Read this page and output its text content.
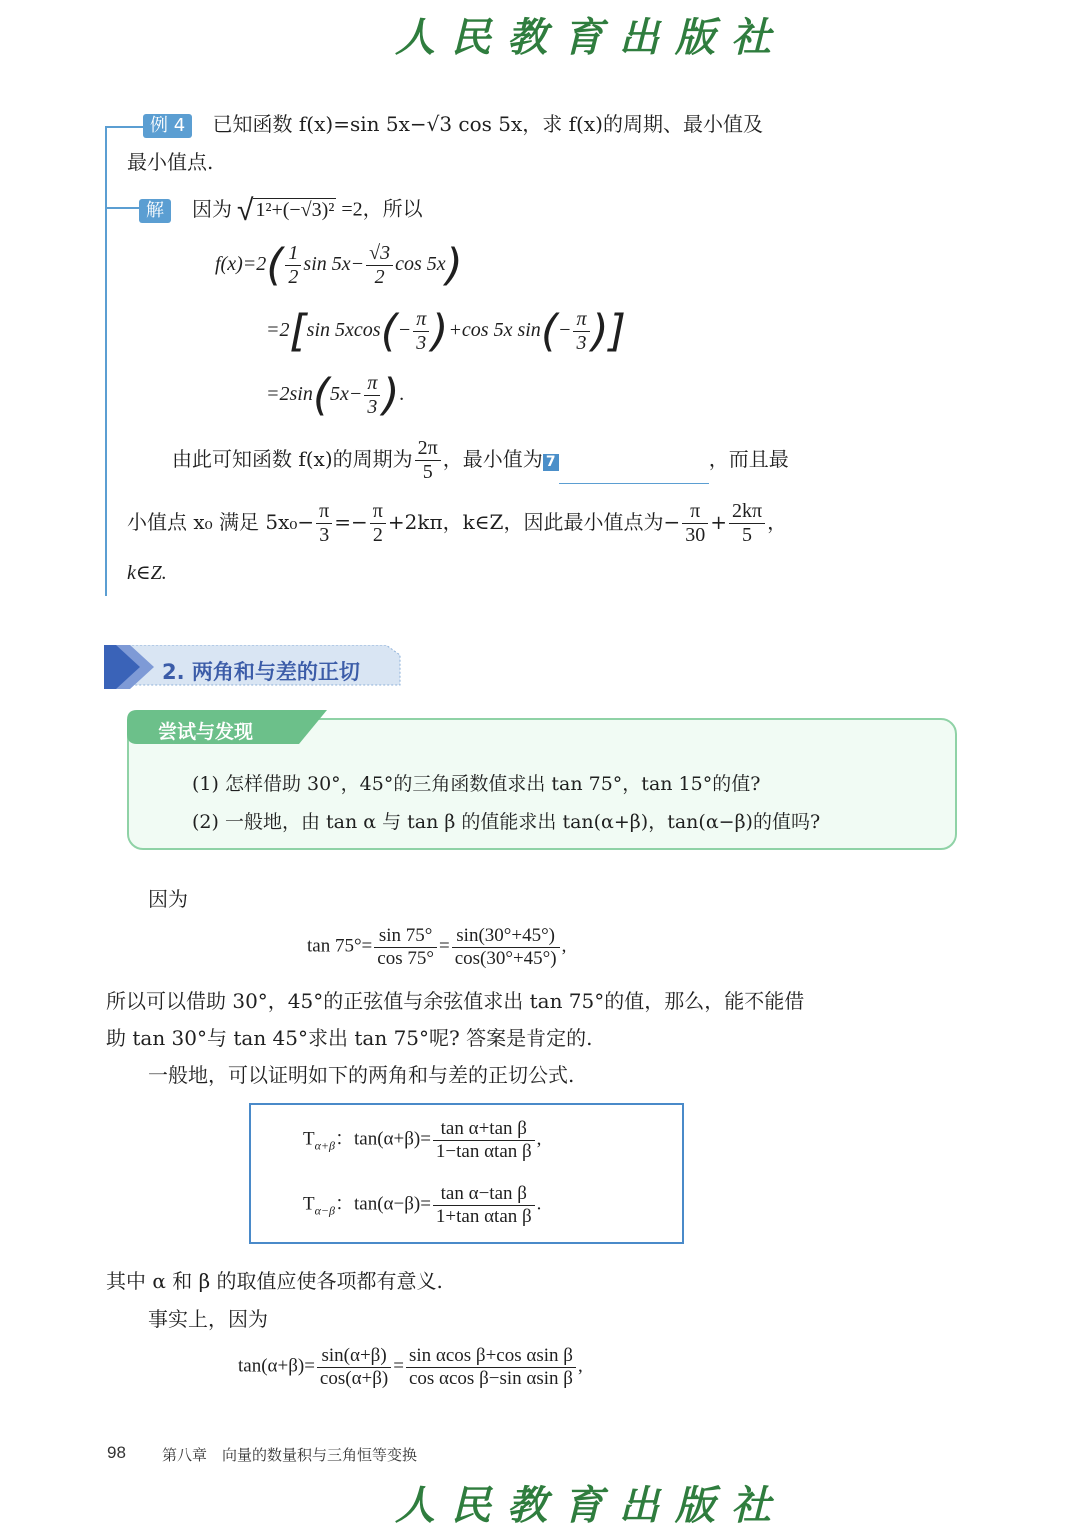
人民教育出版社
例 4 已知函数 f(x)=sin 5x−√3 cos 5x，求 f(x)的周期、最小值及
最小值点.
解 因为 √ 1²+(−√3)² =2，所以
$f(x)=2( \frac{1}{2}$ $\sin 5x- \frac{√3}{2}$ cos 5x)
=2[sin $5xcos(- \frac{\pi}{3} )+\cos$ 5x $\sin(- \frac{\pi}{3}$ )]
$=2\sin(5x- \frac{\pi}{3}$ ).
由此可知函数 f(x)的周期为 $\frac{2\pi}{5}$ ，最小值为 7	，而且最
小值点 x₀ 满足 $5x_0- \frac{\pi}{3} =- \frac{\pi}{2} +2k\pi$，k∈Z，因此最小值点为− $\frac{\pi}{30} + \frac{2k\pi}{5}$ ，
k∈Z.
2. 两角和与差的正切
尝试与发现
(1) 怎样借助 30°，45°的三角函数值求出 tan 75°，tan 15°的值?
(2) 一般地，由 tan α 与 tan β 的值能求出 tan(α+β)，tan(α−β)的值吗?
因为
$\tan 75^\circ= \frac{\sin 75^\circ}{\cos 75^\circ} = \frac{\sin(30^\circ+45^\circ)}{\cos(30^\circ+45^\circ)}$ ,
所以可以借助 30°，45°的正弦值与余弦值求出 tan 75°的值，那么，能不能借
助 tan 30°与 tan 45°求出 tan 75°呢? 答案是肯定的.
一般地，可以证明如下的两角和与差的正切公式.
$T_{\alpha+\beta}$：$\tan(\alpha+\beta)= \frac{\text{tan α+tan β}}{\text{1−tan αtan β}}$ ,
$T_{\alpha-\beta}$：$\tan(\alpha-\beta)= \frac{\text{tan α−tan β}}{\text{1+tan αtan β}}$ .
其中 α 和 β 的取值应使各项都有意义.
事实上，因为
$\tan(\alpha+\beta)= \frac{\sin(\alpha+\beta)}{\cos(\alpha+\beta)} = \frac{\text{sin αcos β+cos αsin β}}{\text{cos αcos β−sin αsin β}}$ ,
98 第八章　向量的数量积与三角恒等变换
人民教育出版社
